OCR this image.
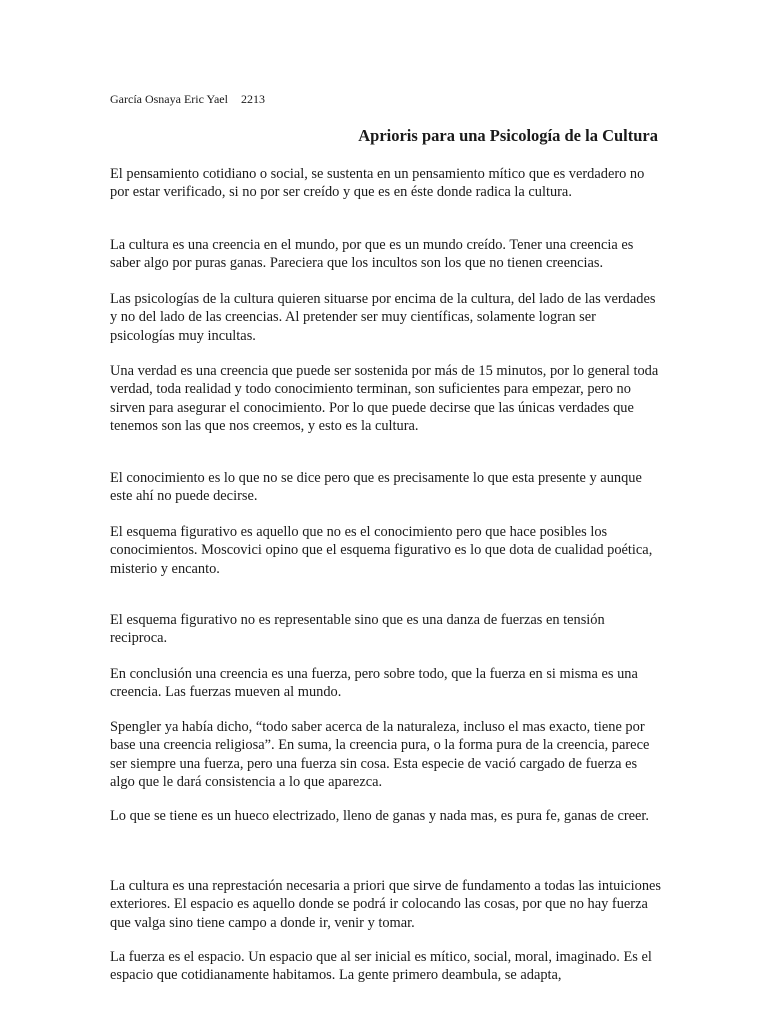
García Osnaya Eric Yael 2213
Aprioris para una Psicología de la Cultura

El pensamiento cotidiano o social, se sustenta en un pensamiento mítico que es verdadero no por estar verificado, si no por ser creído y que es en éste donde radica la cultura.

La cultura es una creencia en el mundo, por que es un mundo creído. Tener una creencia es saber algo por puras ganas. Pareciera que los incultos son los que no tienen creencias.

Las psicologías de la cultura quieren situarse por encima de la cultura, del lado de las verdades y no del lado de las creencias. Al pretender ser muy científicas, solamente logran ser psicologías muy incultas.

Una verdad es una creencia que puede ser sostenida por más de 15 minutos, por lo general toda verdad, toda realidad y todo conocimiento terminan, son suficientes para empezar, pero no sirven para asegurar el conocimiento. Por lo que puede decirse que las únicas verdades que tenemos son las que nos creemos, y esto es la cultura.

El conocimiento es lo que no se dice pero que es precisamente lo que esta presente y aunque este ahí no puede decirse.

El esquema figurativo es aquello que no es el conocimiento pero que hace posibles los conocimientos. Moscovici opino que el esquema figurativo es lo que dota de cualidad poética, misterio y encanto.

El esquema figurativo no es representable sino que es una danza de fuerzas en tensión reciproca.

En conclusión una creencia es una fuerza, pero sobre todo, que la fuerza en si misma es una creencia. Las fuerzas mueven al mundo.

Spengler ya había dicho, “todo saber acerca de la naturaleza, incluso el mas exacto, tiene por base una creencia religiosa”. En suma, la creencia pura, o la forma pura de la creencia, parece ser siempre una fuerza, pero una fuerza sin cosa. Esta especie de vació cargado de fuerza es algo que le dará consistencia a lo que aparezca.

Lo que se tiene es un hueco electrizado, lleno de ganas y nada mas, es pura fe, ganas de creer.

La cultura es una represtación necesaria a priori que sirve de fundamento a todas las intuiciones exteriores. El espacio es aquello donde se podrá ir colocando las cosas, por que no hay fuerza que valga sino tiene campo a donde ir, venir y tomar.

La fuerza es el espacio. Un espacio que al ser inicial es mítico, social, moral, imaginado. Es el espacio que cotidianamente habitamos. La gente primero deambula, se adapta,
